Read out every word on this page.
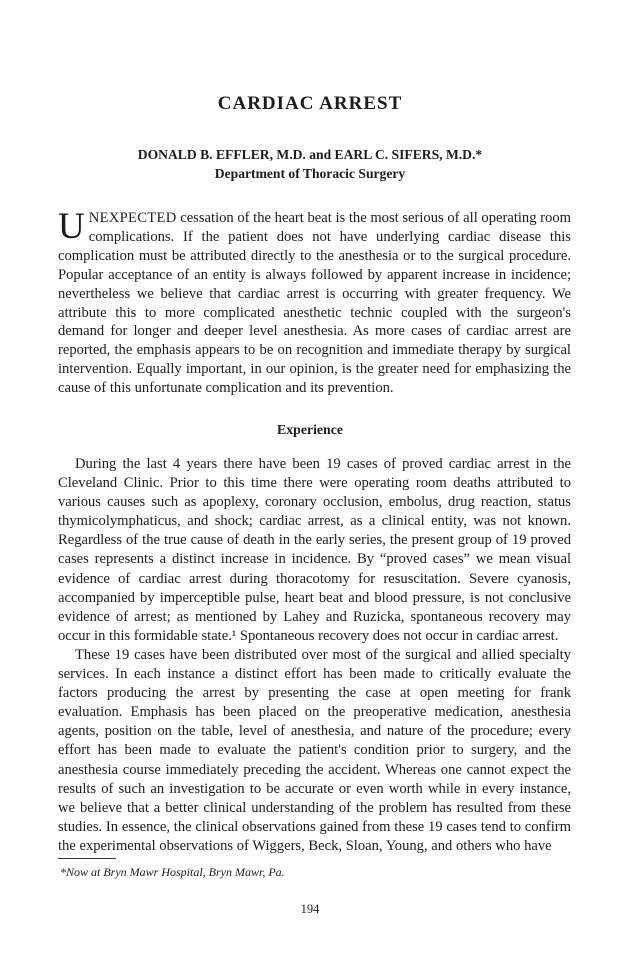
CARDIAC ARREST
DONALD B. EFFLER, M.D. and EARL C. SIFERS, M.D.*
Department of Thoracic Surgery
UNEXPECTED cessation of the heart beat is the most serious of all operating room complications. If the patient does not have underlying cardiac disease this complication must be attributed directly to the anesthesia or to the surgical procedure. Popular acceptance of an entity is always followed by apparent increase in incidence; nevertheless we believe that cardiac arrest is occurring with greater frequency. We attribute this to more complicated anesthetic technic coupled with the surgeon's demand for longer and deeper level anesthesia. As more cases of cardiac arrest are reported, the emphasis appears to be on recognition and immediate therapy by surgical intervention. Equally important, in our opinion, is the greater need for emphasizing the cause of this unfortunate complication and its prevention.
Experience

During the last 4 years there have been 19 cases of proved cardiac arrest in the Cleveland Clinic. Prior to this time there were operating room deaths attributed to various causes such as apoplexy, coronary occlusion, embolus, drug reaction, status thymicolymphaticus, and shock; cardiac arrest, as a clinical entity, was not known. Regardless of the true cause of death in the early series, the present group of 19 proved cases represents a distinct increase in incidence. By “proved cases” we mean visual evidence of cardiac arrest during thoracotomy for resuscitation. Severe cyanosis, accompanied by imperceptible pulse, heart beat and blood pressure, is not conclusive evidence of arrest; as mentioned by Lahey and Ruzicka, spontaneous recovery may occur in this formidable state.¹ Spontaneous recovery does not occur in cardiac arrest.

These 19 cases have been distributed over most of the surgical and allied specialty services. In each instance a distinct effort has been made to critically evaluate the factors producing the arrest by presenting the case at open meeting for frank evaluation. Emphasis has been placed on the preoperative medication, anesthesia agents, position on the table, level of anesthesia, and nature of the procedure; every effort has been made to evaluate the patient's condition prior to surgery, and the anesthesia course immediately preceding the accident. Whereas one cannot expect the results of such an investigation to be accurate or even worth while in every instance, we believe that a better clinical understanding of the problem has resulted from these studies. In essence, the clinical observations gained from these 19 cases tend to confirm the experimental observations of Wiggers, Beck, Sloan, Young, and others who have

*Now at Bryn Mawr Hospital, Bryn Mawr, Pa.
194
